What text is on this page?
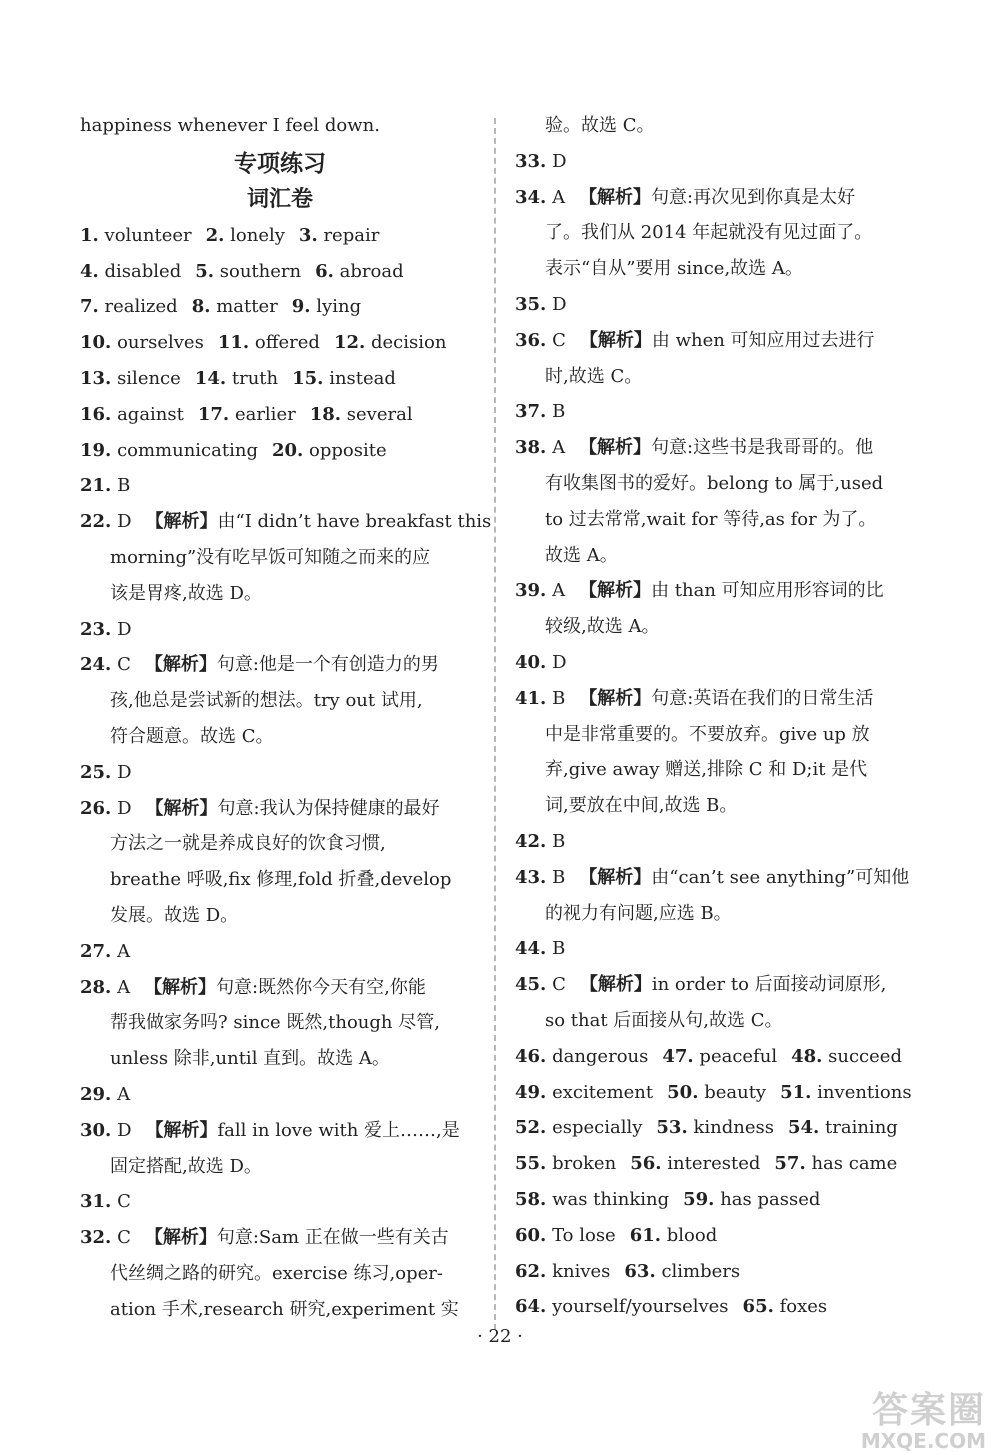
happiness whenever I feel down.
专项练习
词汇卷
1. volunteer 2. lonely 3. repair
4. disabled 5. southern 6. abroad
7. realized 8. matter 9. lying
10. ourselves 11. offered 12. decision
13. silence 14. truth 15. instead
16. against 17. earlier 18. several
19. communicating 20. opposite
21. B
22. D 【解析】由“I didn’t have breakfast this
morning”没有吃早饭可知随之而来的应
该是胃疼,故选 D。
23. D
24. C 【解析】句意:他是一个有创造力的男
孩,他总是尝试新的想法。try out 试用,
符合题意。故选 C。
25. D
26. D 【解析】句意:我认为保持健康的最好
方法之一就是养成良好的饮食习惯,
breathe 呼吸,fix 修理,fold 折叠,develop
发展。故选 D。
27. A
28. A 【解析】句意:既然你今天有空,你能
帮我做家务吗? since 既然,though 尽管,
unless 除非,until 直到。故选 A。
29. A
30. D 【解析】fall in love with 爱上……,是
固定搭配,故选 D。
31. C
32. C 【解析】句意:Sam 正在做一些有关古
代丝绸之路的研究。exercise 练习,oper-
ation 手术,research 研究,experiment 实
验。故选 C。
33. D
34. A 【解析】句意:再次见到你真是太好
了。我们从 2014 年起就没有见过面了。
表示“自从”要用 since,故选 A。
35. D
36. C 【解析】由 when 可知应用过去进行
时,故选 C。
37. B
38. A 【解析】句意:这些书是我哥哥的。他
有收集图书的爱好。belong to 属于,used
to 过去常常,wait for 等待,as for 为了。
故选 A。
39. A 【解析】由 than 可知应用形容词的比
较级,故选 A。
40. D
41. B 【解析】句意:英语在我们的日常生活
中是非常重要的。不要放弃。give up 放
弃,give away 赠送,排除 C 和 D;it 是代
词,要放在中间,故选 B。
42. B
43. B 【解析】由“can’t see anything”可知他
的视力有问题,应选 B。
44. B
45. C 【解析】in order to 后面接动词原形,
so that 后面接从句,故选 C。
46. dangerous 47. peaceful 48. succeed
49. excitement 50. beauty 51. inventions
52. especially 53. kindness 54. training
55. broken 56. interested 57. has came
58. was thinking 59. has passed
60. To lose 61. blood
62. knives 63. climbers
64. yourself/yourselves 65. foxes
· 22 ·
答案圈
MXQE.COM
